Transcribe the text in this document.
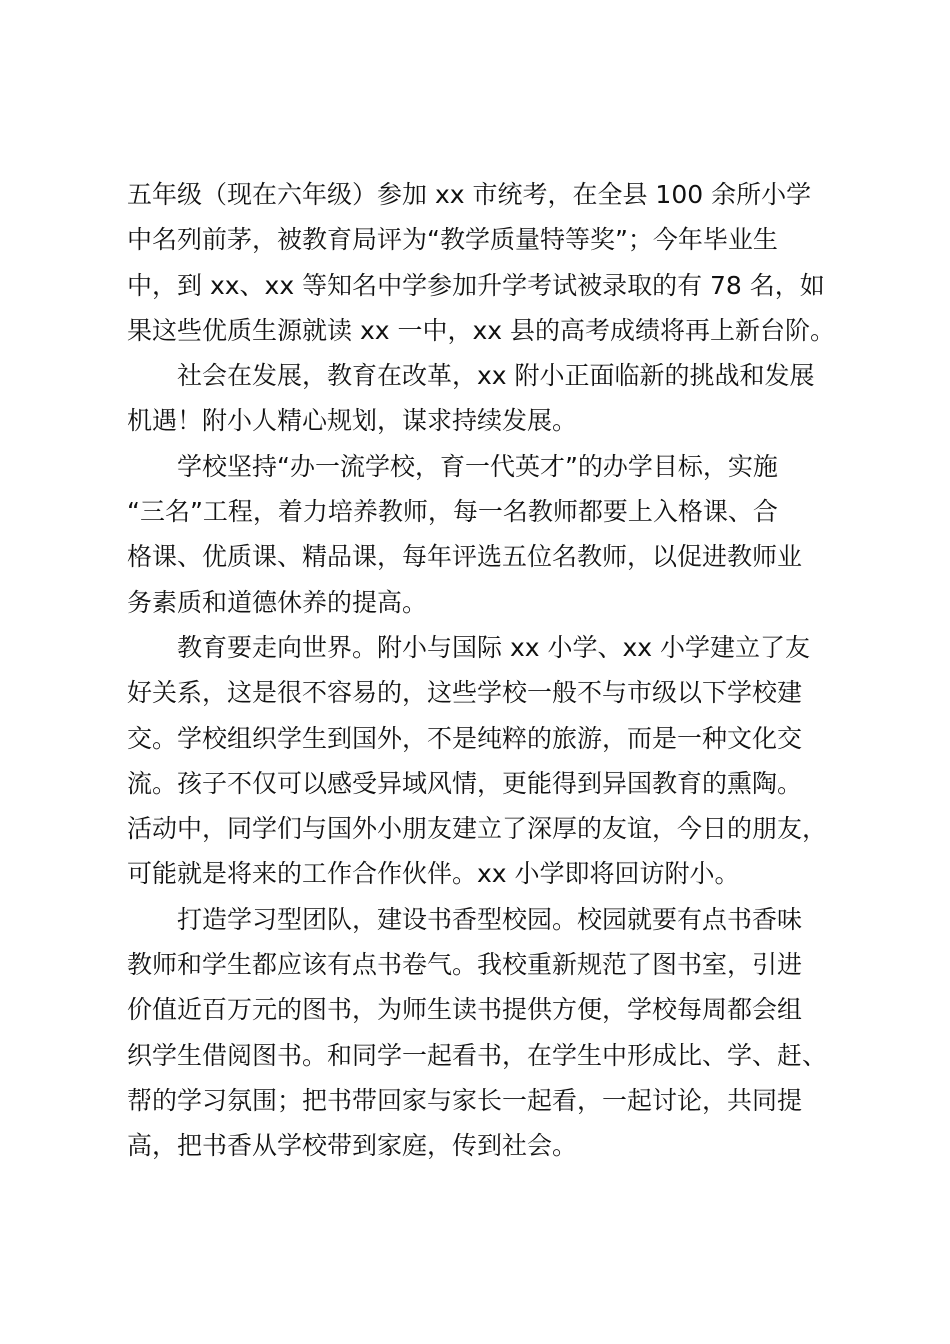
五年级（现在六年级）参加 xx 市统考，在全县 100 余所小学
中名列前茅，被教育局评为“教学质量特等奖”；今年毕业生
中，到 xx、xx 等知名中学参加升学考试被录取的有 78 名，如
果这些优质生源就读 xx 一中，xx 县的高考成绩将再上新台阶。

社会在发展，教育在改革，xx 附小正面临新的挑战和发展
机遇！附小人精心规划，谋求持续发展。

学校坚持“办一流学校，育一代英才”的办学目标，实施
“三名”工程，着力培养教师，每一名教师都要上入格课、合
格课、优质课、精品课，每年评选五位名教师，以促进教师业
务素质和道德休养的提高。

教育要走向世界。附小与国际 xx 小学、xx 小学建立了友
好关系，这是很不容易的，这些学校一般不与市级以下学校建
交。学校组织学生到国外，不是纯粹的旅游，而是一种文化交
流。孩子不仅可以感受异域风情，更能得到异国教育的熏陶。
活动中，同学们与国外小朋友建立了深厚的友谊，今日的朋友，
可能就是将来的工作合作伙伴。xx 小学即将回访附小。

打造学习型团队，建设书香型校园。校园就要有点书香味
教师和学生都应该有点书卷气。我校重新规范了图书室，引进
价值近百万元的图书，为师生读书提供方便，学校每周都会组
织学生借阅图书。和同学一起看书，在学生中形成比、学、赶、
帮的学习氛围；把书带回家与家长一起看，一起讨论，共同提
高，把书香从学校带到家庭，传到社会。
